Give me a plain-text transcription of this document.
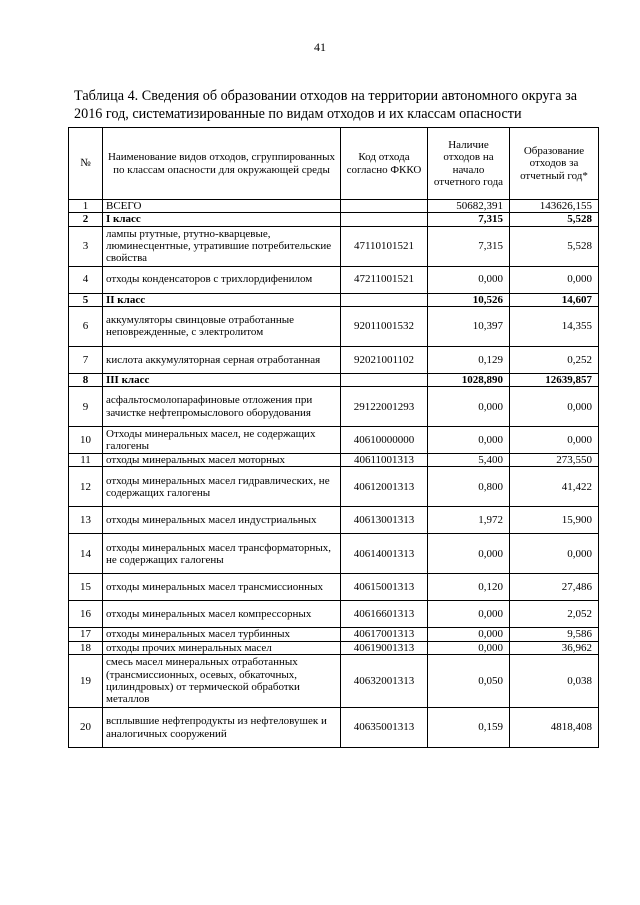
41
Таблица 4. Сведения об образовании отходов на территории автономного округа за 2016 год, систематизированные по видам отходов и их классам опасности
№	Наименование видов отходов, сгруппированных по классам опасности для окружающей среды	Код отхода согласно ФККО	Наличие отходов на начало отчетного года	Образование отходов за отчетный год*
1	ВСЕГО		50682,391	143626,155
2	I класс		7,315	5,528
3	лампы ртутные, ртутно-кварцевые, люминесцентные, утратившие потребительские свойства	47110101521	7,315	5,528
4	отходы конденсаторов с трихлордифенилом	47211001521	0,000	0,000
5	II класс		10,526	14,607
6	аккумуляторы свинцовые отработанные неповрежденные, с электролитом	92011001532	10,397	14,355
7	кислота аккумуляторная серная отработанная	92021001102	0,129	0,252
8	III класс		1028,890	12639,857
9	асфальтосмолопарафиновые отложения при зачистке нефтепромыслового оборудования	29122001293	0,000	0,000
10	Отходы минеральных масел, не содержащих галогены	40610000000	0,000	0,000
11	отходы минеральных масел моторных	40611001313	5,400	273,550
12	отходы минеральных масел гидравлических, не содержащих галогены	40612001313	0,800	41,422
13	отходы минеральных масел индустриальных	40613001313	1,972	15,900
14	отходы минеральных масел трансформаторных, не содержащих галогены	40614001313	0,000	0,000
15	отходы минеральных масел трансмиссионных	40615001313	0,120	27,486
16	отходы минеральных масел компрессорных	40616601313	0,000	2,052
17	отходы минеральных масел турбинных	40617001313	0,000	9,586
18	отходы прочих минеральных масел	40619001313	0,000	36,962
19	смесь масел минеральных отработанных (трансмиссионных, осевых, обкаточных, цилиндровых) от термической обработки металлов	40632001313	0,050	0,038
20	всплывшие нефтепродукты из нефтеловушек и аналогичных сооружений	40635001313	0,159	4818,408
